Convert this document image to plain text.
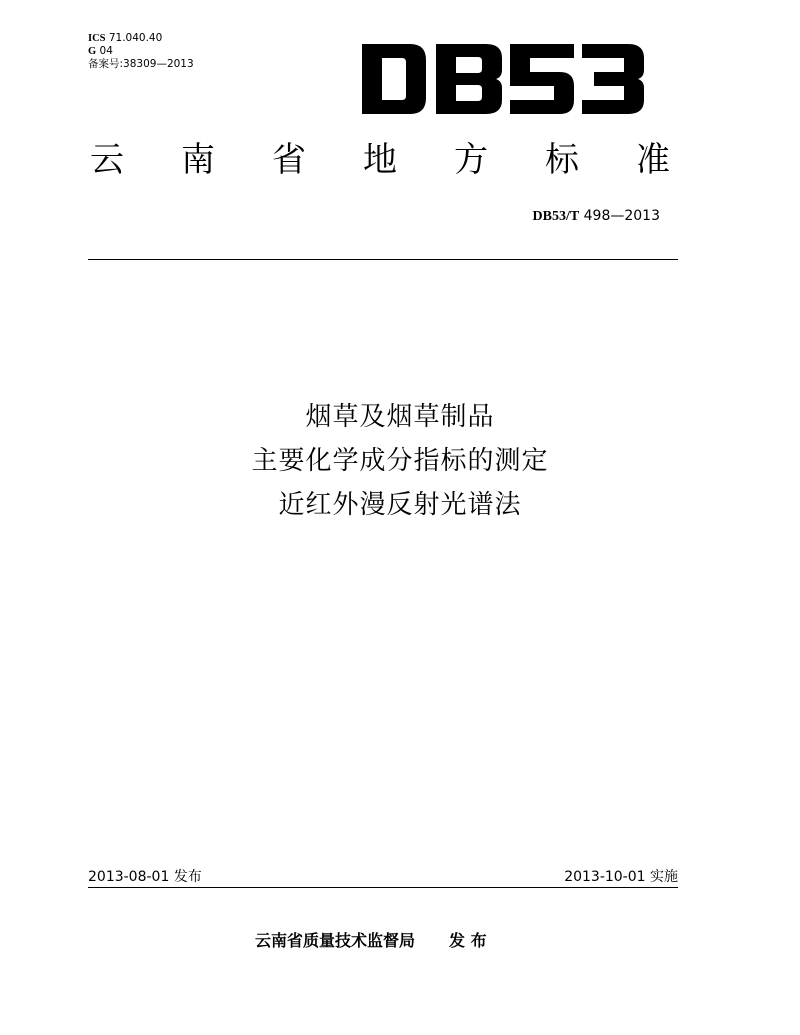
ICS 71.040.40
G 04
备案号:38309—2013
云 南 省 地 方 标 准
DB53/T 498—2013
烟草及烟草制品
主要化学成分指标的测定
近红外漫反射光谱法
2013-08-01 发布	2013-10-01 实施
云南省质量技术监督局 发 布
